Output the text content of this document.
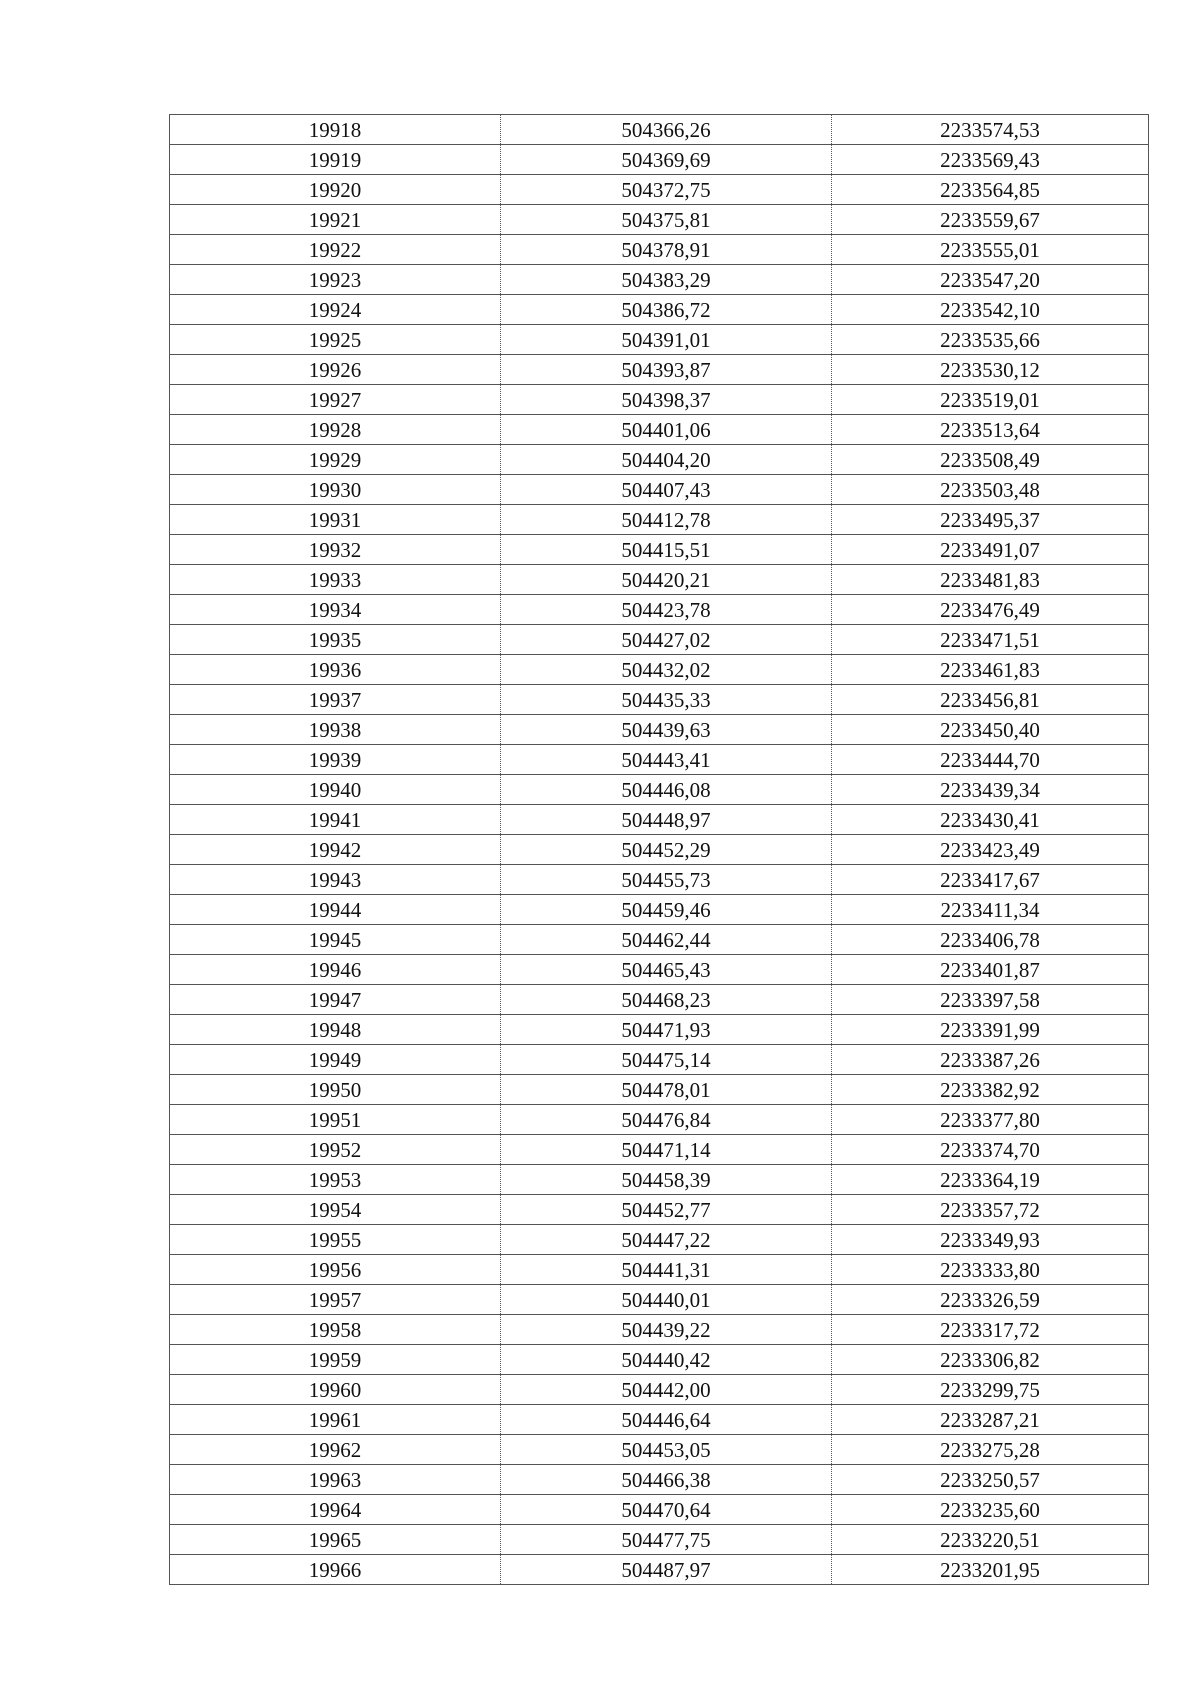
19918	504366,26	2233574,53
19919	504369,69	2233569,43
19920	504372,75	2233564,85
19921	504375,81	2233559,67
19922	504378,91	2233555,01
19923	504383,29	2233547,20
19924	504386,72	2233542,10
19925	504391,01	2233535,66
19926	504393,87	2233530,12
19927	504398,37	2233519,01
19928	504401,06	2233513,64
19929	504404,20	2233508,49
19930	504407,43	2233503,48
19931	504412,78	2233495,37
19932	504415,51	2233491,07
19933	504420,21	2233481,83
19934	504423,78	2233476,49
19935	504427,02	2233471,51
19936	504432,02	2233461,83
19937	504435,33	2233456,81
19938	504439,63	2233450,40
19939	504443,41	2233444,70
19940	504446,08	2233439,34
19941	504448,97	2233430,41
19942	504452,29	2233423,49
19943	504455,73	2233417,67
19944	504459,46	2233411,34
19945	504462,44	2233406,78
19946	504465,43	2233401,87
19947	504468,23	2233397,58
19948	504471,93	2233391,99
19949	504475,14	2233387,26
19950	504478,01	2233382,92
19951	504476,84	2233377,80
19952	504471,14	2233374,70
19953	504458,39	2233364,19
19954	504452,77	2233357,72
19955	504447,22	2233349,93
19956	504441,31	2233333,80
19957	504440,01	2233326,59
19958	504439,22	2233317,72
19959	504440,42	2233306,82
19960	504442,00	2233299,75
19961	504446,64	2233287,21
19962	504453,05	2233275,28
19963	504466,38	2233250,57
19964	504470,64	2233235,60
19965	504477,75	2233220,51
19966	504487,97	2233201,95
